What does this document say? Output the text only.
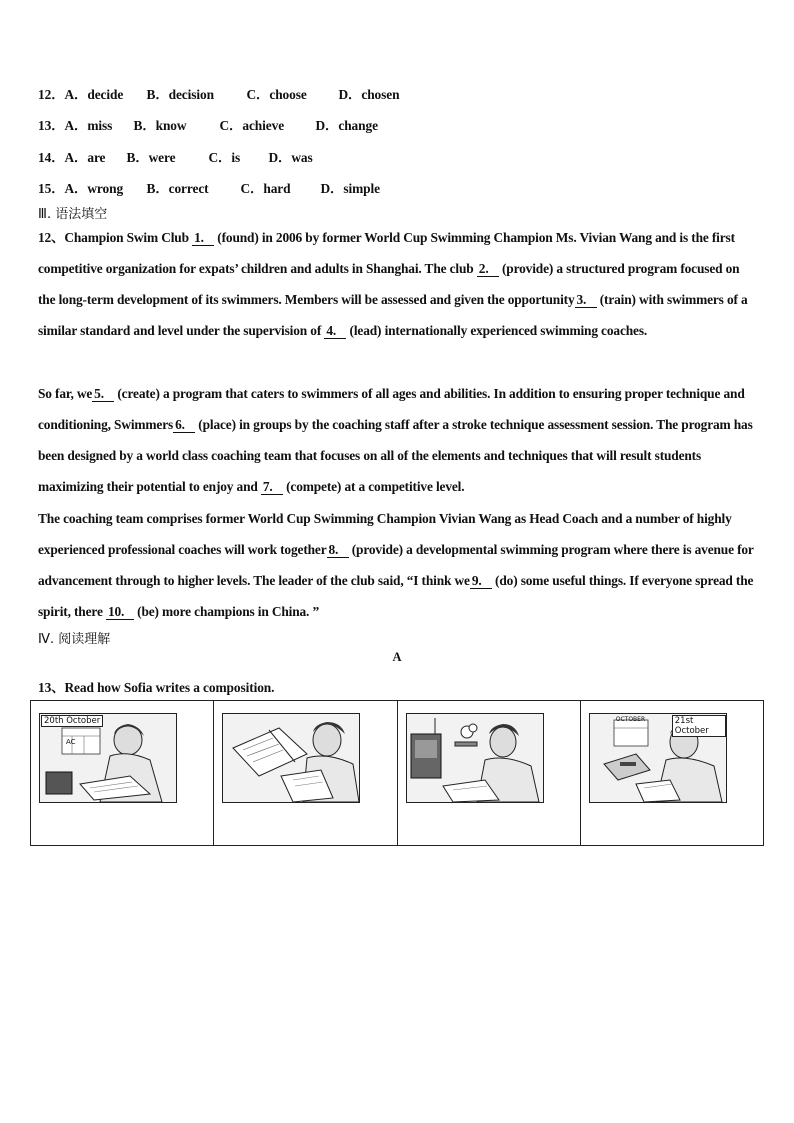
12．A．decide B．decision C．choose D．chosen
13．A．miss B．know C．achieve D．change
14．A．are B．were C．is D．was
15．A．wrong B．correct C．hard D．simple
Ⅲ. 语法填空
12、Champion Swim Club 1. (found) in 2006 by former World Cup Swimming Champion Ms. Vivian Wang and is the first competitive organization for expats’ children and adults in Shanghai. The club 2. (provide) a structured program focused on the long-term development of its swimmers. Members will be assessed and given the opportunity 3. (train) with swimmers of a similar standard and level under the supervision of 4. (lead) internationally experienced swimming coaches.
So far, we 5. (create) a program that caters to swimmers of all ages and abilities. In addition to ensuring proper technique and conditioning, Swimmers 6. (place) in groups by the coaching staff after a stroke technique assessment session. The program has been designed by a world class coaching team that focuses on all of the elements and techniques that will result students maximizing their potential to enjoy and 7. (compete) at a competitive level.
The coaching team comprises former World Cup Swimming Champion Vivian Wang as Head Coach and a number of highly experienced professional coaches will work together 8. (provide) a developmental swimming program where there is avenue for advancement through to higher levels. The leader of the club said, “I think we 9. (do) some useful things. If everyone spread the spirit, there 10. (be) more champions in China. ”
Ⅳ. 阅读理解
A
13、Read how Sofia writes a composition.
20th October
AC

21st October
OCTOBER
